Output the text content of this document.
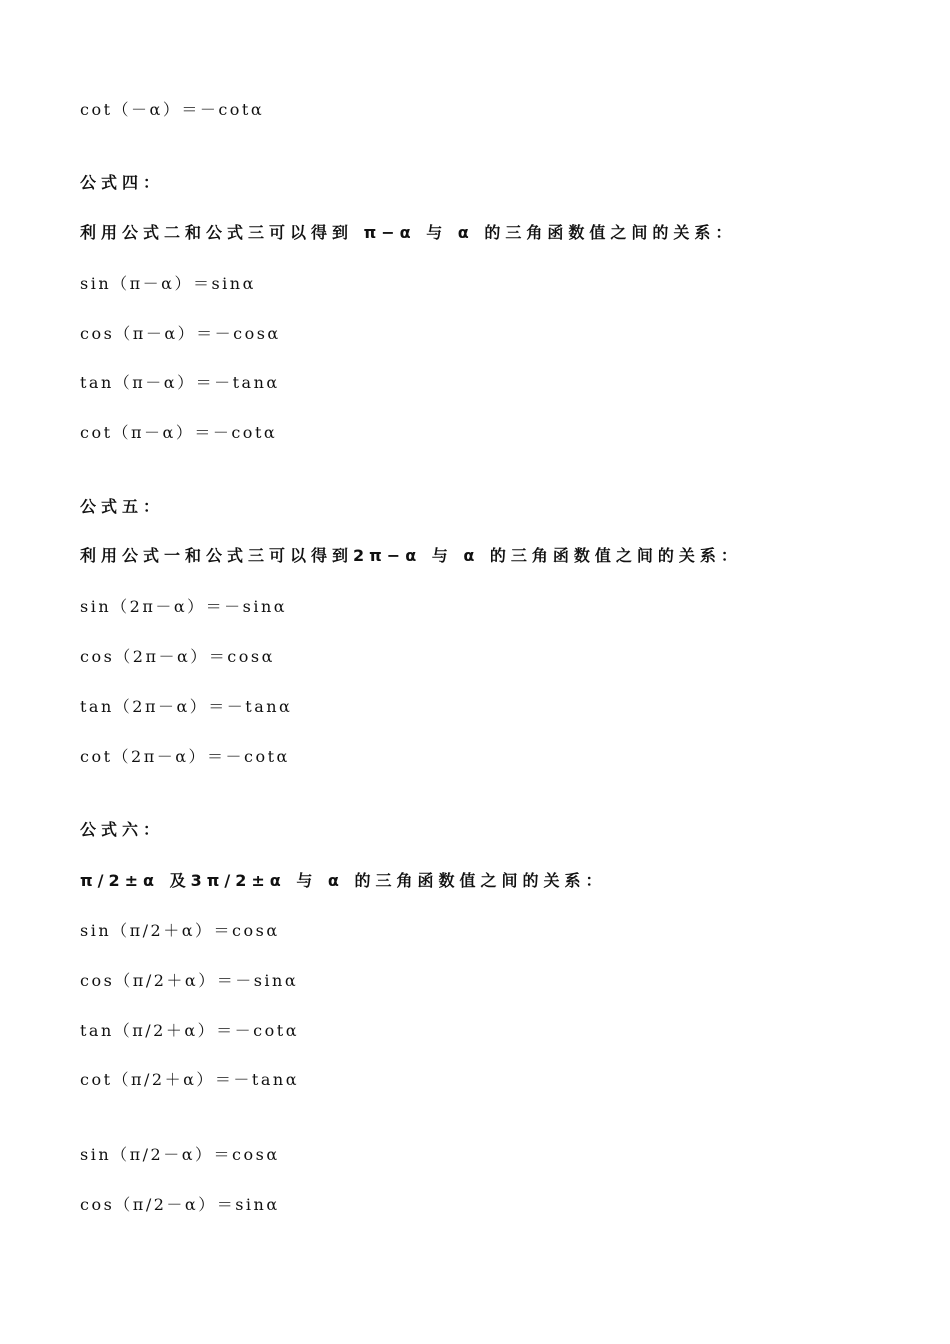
cot（－α）＝－cotα
公式四：
利用公式二和公式三可以得到 π−α 与 α 的三角函数值之间的关系：
sin（π－α）＝sinα
cos（π－α）＝－cosα
tan（π－α）＝－tanα
cot（π－α）＝－cotα
公式五：
利用公式一和公式三可以得到2π−α 与 α 的三角函数值之间的关系：
sin（2π－α）＝－sinα
cos（2π－α）＝cosα
tan（2π－α）＝－tanα
cot（2π－α）＝－cotα
公式六：
π/2±α 及3π/2±α 与 α 的三角函数值之间的关系：
sin（π/2＋α）＝cosα
cos（π/2＋α）＝－sinα
tan（π/2＋α）＝－cotα
cot（π/2＋α）＝－tanα
sin（π/2－α）＝cosα
cos（π/2－α）＝sinα
